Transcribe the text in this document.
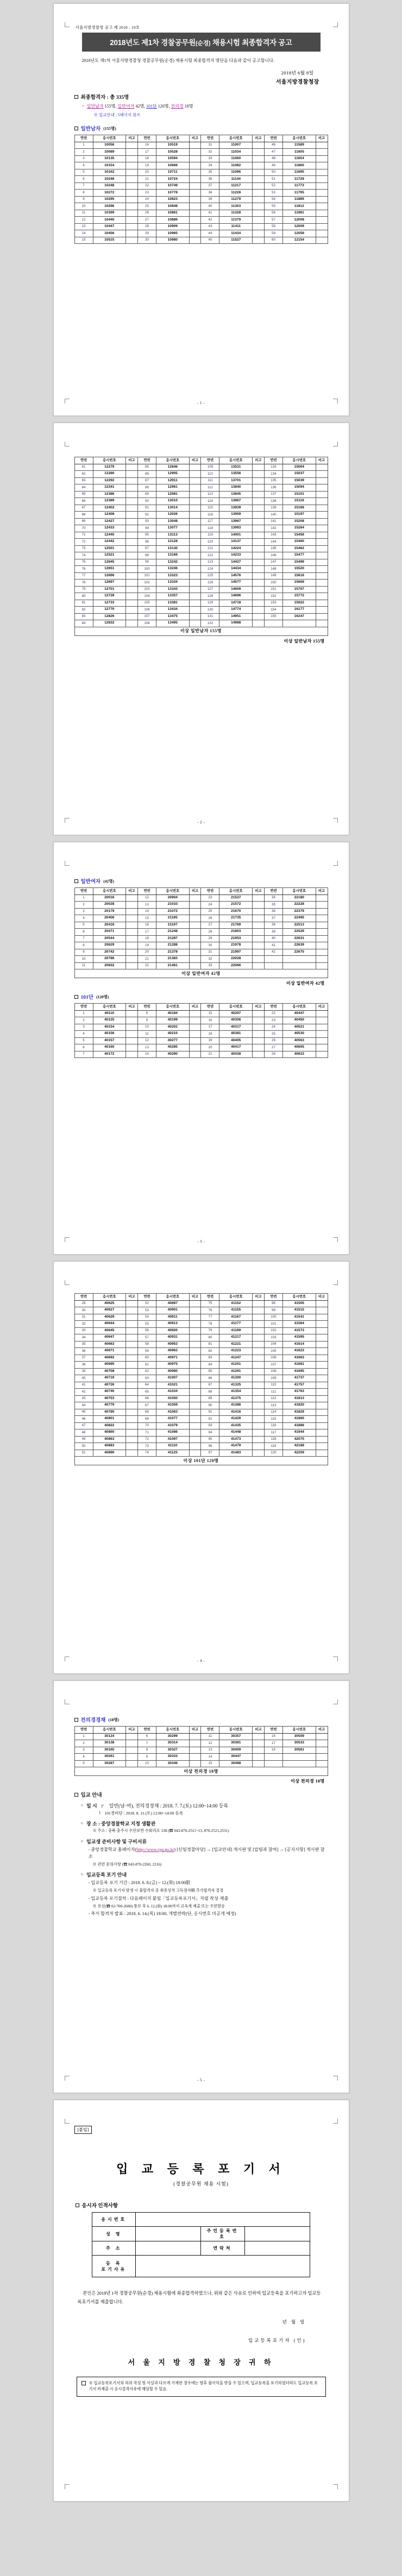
서울지방경찰청 공고 제 2018 - 19호
2018년도 제1차 경찰공무원(순경) 채용시험 최종합격자 공고

2018년도 제1차 서울지방경찰청 경찰공무원(순경) 채용시험 최종합격자 명단을 다음과 같이 공고합니다.

2018년 6월 8일
서울지방경찰청장
최종합격자 : 총 335명
○ 일반남자 155명, 일반여자 42명, 101단 120명, 전의경 18명
※ 입교안내 : 5페이지 참조
일반남자 (155명)
연번	응시번호	비고	연번	응시번호	비고	연번	응시번호	비고	연번	응시번호	비고
1	10056		16	10519		31	11007		46	11589	
2	10089		17	10528		32	11034		47	11605	
3	10135		18	10594		33	11060		48	11654	
4	10154		19	10666		34	11082		49	11660	
5	10162		20	10711		35	11096		50	11695	
6	10246		21	10724		36	11144		51	11729	
7	10248		22	10749		37	11217		52	11773	
8	10272		23	10778		38	11228		53	11795	
9	10295		24	10823		39	11279		54	11889	
10	10296		25	10848		40	11303		55	11912	
11	10399		26	10861		41	11328		56	11981	
12	10440		27	10886		42	11379		57	12008	
13	10447		28	10909		43	11411		58	12009	
14	10456		29	10965		44	11434		59	12059	
15	10515		30	10980		45	11527		60	12154	
- 1 -
연번	응시번호	비고	연번	응시번호	비고	연번	응시번호	비고	연번	응시번호	비고
61	12279		85	12846		109	13531		133	15004	
62	12280		86	12905		110	13556		134	15037	
63	12292		87	12911		111	13701		135	15039	
64	12341		88	12961		112	13840		136	15094	
65	12386		89	12981		113	13845		137	15101	
66	12389		90	13010		114	13867		138	15116	
67	12402		91	13014		115	13939		139	15166	
68	12408		92	13026		116	13959		140	15197	
69	12427		93	13048		117	13967		141	15208	
70	12433		94	13077		118	13993		142	15264	
71	12440		95	13113		119	14001		143	15456	
72	12442		96	13128		120	14137		144	15460	
73	12501		97	13130		121	14224		145	15462	
74	12521		98	13166		122	14233		146	15477	
75	12645		99	13242		123	14427		147	15499	
76	12651		100	13246		124	14434		148	15520	
77	12696		101	13323		125	14576		149	15616	
78	12697		102	13334		126	14577		150	15669	
79	12701		103	13343		127	14609		151	15707	
80	12728		104	13357		128	14696		152	15772	
81	12733		105	13381		129	14718		153	15922	
82	12770		106	13434		130	14774		154	16177	
83	12826		107	13475		131	14951		155	16247	
84	12832		108	13495		132	14988				
이상 일반남자 155명											
이상 일반남자 155명
- 2 -
일반여자 (42명)
연번	응시번호	비고	연번	응시번호	비고	연번	응시번호	비고	연번	응시번호	비고
1	20016		12	20904		23	21527		34	22180	
2	20028		13	21033		24	21572		35	22228	
3	20179		14	21072		25	21670		36	22379	
4	20406		15	21185		26	21735		37	22495	
5	20416		16	21197		27	21769		38	22513	
6	20471		17	21248		28	21803		39	22529	
7	20544		18	21287		29	21953		40	22631	
8	20629		19	21288		30	21978		41	22639	
9	20742		20	21378		31	21997		42	22675	
10	20786		21	21383		32	22028				
11	20832		22	21461		33	22066				
이상 일반여자 42명											
이상 일반여자 42명
101단 (120명)
연번	응시번호	비고	연번	응시번호	비고	연번	응시번호	비고	연번	응시번호	비고
1	40110		8	40184		15	40297		22	40447	
2	40125		9	40199		16	40306		23	40450	
3	40154		10	40202		17	40317		24	40521	
4	40156		11	40210		18	40381		25	40530	
5	40157		12	40277		19	40405		26	40563	
6	40160		13	40285		20	40417		27	40605	
7	40172		14	40290		21	40438		28	40623	
- 3 -
연번	응시번호	비고	연번	응시번호	비고	연번	응시번호	비고	연번	응시번호	비고
29	40625		52	40897		75	41152		98	41505	
30	40627		53	40901		76	41155		99	41515	
31	40629		54	40911		77	41167		100	41541	
32	40644		55	40913		78	41177		101	41564	
33	40645		56	40920		79	41199		102	41573	
34	40647		57	40931		80	41217		103	41595	
35	40663		58	40953		81	41221		104	41614	
36	40671		59	40963		82	41223		105	41623	
37	40692		60	40971		83	41247		106	41663	
38	40695		61	40975		84	41251		107	41681	
39	40708		62	40980		85	41291		108	41695	
40	40719		63	41007		86	41300		109	41737	
41	40726		64	41021		87	41325		110	41757	
42	40740		65	41034		88	41354		111	41763	
43	40753		66	41050		89	41375		112	41813	
44	40779		67	41059		90	41386		113	41820	
45	40780		68	41063		91	41416		114	41829	
46	40801		69	41077		92	41429		115	41860	
47	40822		70	41079		93	41435		116	41886	
48	40860		71	41086		94	41448		117	41944	
49	40863		72	41097		95	41473		118	42070	
50	40883		73	41110		96	41479		119	42188	
51	40890		74	41125		97	41483		120	42259	
이상 101단 120명											
- 4 -
전의경경채 (18명)
연번	응시번호	비고	연번	응시번호	비고	연번	응시번호	비고	연번	응시번호	비고
1	30124		6	30299		11	30357		16	30509	
2	30138		7	30314		12	30381		17	30533	
3	30165		8	30327		13	30409		18	30561	
4	30261		9	30333		14	30447				
5	30287		10	30346		15	30488				
이상 전의경 18명											
이상 전의경 18명
입교 안내
○ 일 시 ┌	일반(남·여), 전의경경채 : 2018. 7. 7.(토) 12:00~14:00 등록
└ 101경비단 : 2018. 8. 11.(토) 12:00~14:00 등록
○ 장 소 : 중앙경찰학교 지정 생활관
※ 주소 : 충북 충주시 수안보면 수회리로 138 (☎ 043-870-2511~13, 870-2521,2531)
○ 입교생 준비사항 및 구비서류
- 중앙경찰학교 홈페이지(http://www.cpa.go.kr) [신임경찰마당] → [입교안내] 게시판 및 [알림과 참여] → [공지사항] 게시판 참조
※ 관련 문의사항 (☎ 043-870-2260, 2216)
○ 입교등록 포기 안내
- 입교등록 포기 기간 : 2018. 6. 8.(금) ~ 12.(화) 18:00限
※ 입교등록 포기자 발생 시 불합격자 중 최종성적 고득점자順 추가합격자 결정
- 입교등록 포기절차 : 다음페이지 붙임「입교등록포기서」자필 작성·제출
※ 유선(☎ 02-700-2600) 통보 후 6. 12.(화) 18:00까지 교육계 제출 또는 우편발송
- 추가 합격자 발표 : 2018. 6. 14.(목) 18:00, 개별연락(단, 응시번호 미공개 예정)
- 5 -
[붙임]
입 교 등 록 포 기 서
(경찰공무원 채용 시험)
응시자 인적사항
응시번호			
성 명		주민등록번호	
주 소		연락처	
등 록
포기사유			

본인은 2018년 1차 경찰공무원(순경) 채용시험에 최종합격하였으나, 위와 같은 사유로 인하여 입교등록을 포기하고자 입교등록포기서를 제출합니다.

년 월 일
입교등록포기자 (인)
서 울 지 방 경 찰 청 장 귀 하
※ 입교등록포기서의 허위 작성 및 사실과 다르게 기재한 경우에는 향후 불이익을 받을 수 있으며, 입교등록을 포기하였더라도 입교등록 포기서 미제출 시 응시결격사유에 해당할 수 있음.
